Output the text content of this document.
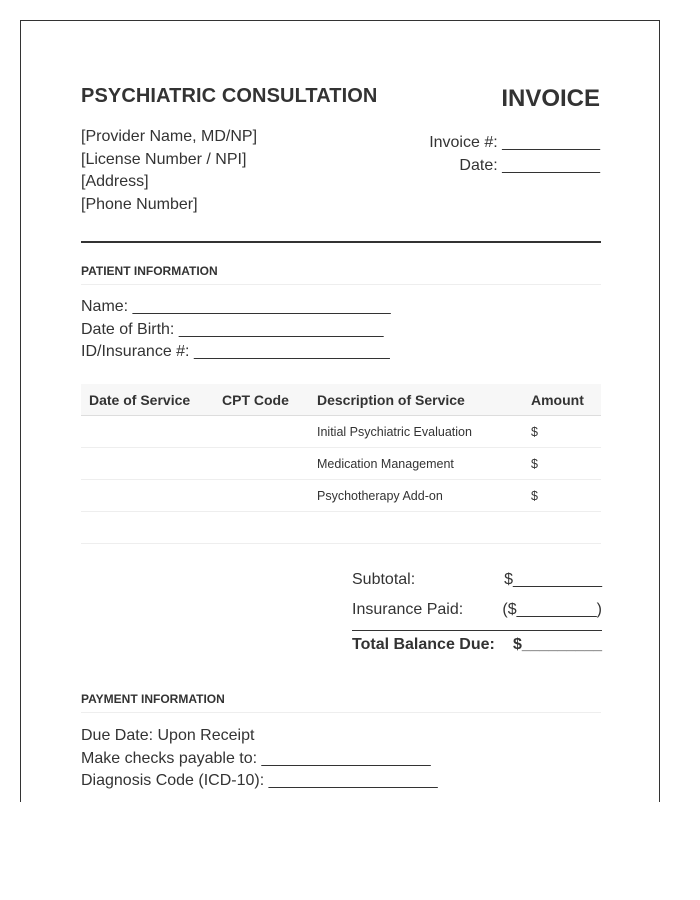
PSYCHIATRIC CONSULTATION	INVOICE
[Provider Name, MD/NP]
[License Number / NPI]
[Address]
[Phone Number]
Invoice #: ___________
Date: ___________
PATIENT INFORMATION
Name: _____________________________
Date of Birth: _______________________
ID/Insurance #: ______________________
Date of Service	CPT Code	Description of Service	Amount
		Initial Psychiatric Evaluation	$
		Medication Management	$
		Psychotherapy Add-on	$

Subtotal:	$__________
Insurance Paid: ($_________)
Total Balance Due: $_________
PAYMENT INFORMATION
Due Date: Upon Receipt
Make checks payable to: ___________________
Diagnosis Code (ICD-10): ___________________
